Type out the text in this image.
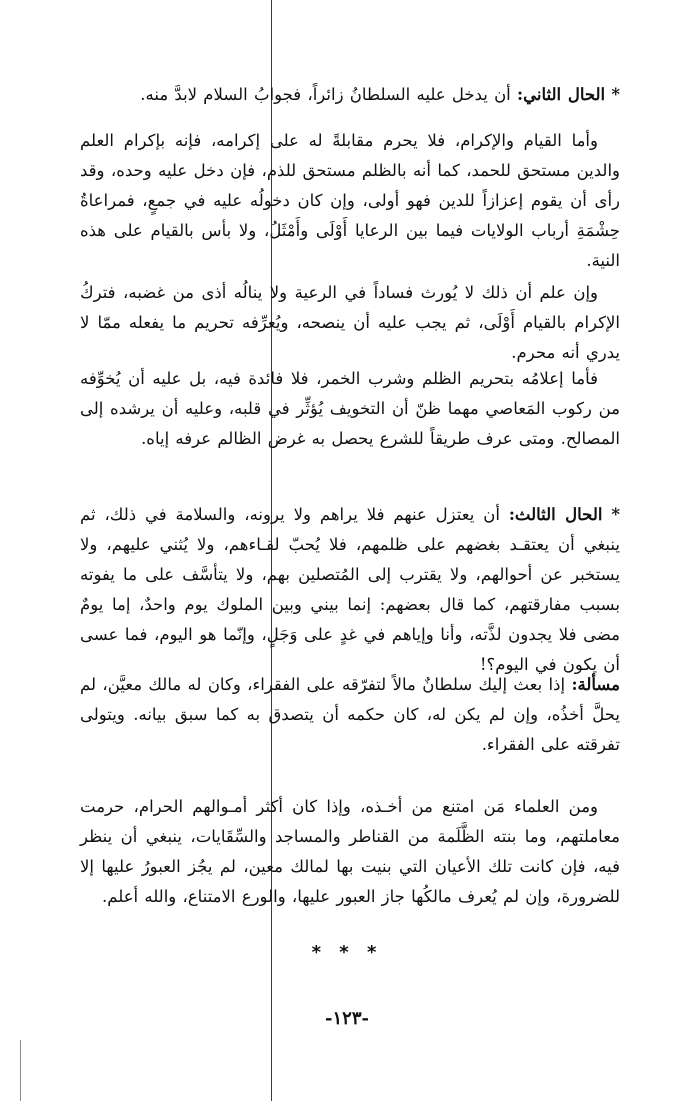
* الحال الثاني: أن يدخل عليه السلطانُ زائراً، فجوابُ السلام لابدَّ منه.

وأما القيام والإكرام، فلا يحرم مقابلةً له على إكرامه، فإنه بإكرام العلم والدين مستحق للحمد، كما أنه بالظلم مستحق للذم، فإن دخل عليه وحده، وقد رأى أن يقوم إعزازاً للدين فهو أولى، وإن كان دخولُه عليه في جمعٍ، فمراعاةُ حِشْمَةِ أرباب الولايات فيما بين الرعايا أَوْلَى وأَمْثَلُ، ولا بأس بالقيام على هذه النية.

وإن علم أن ذلك لا يُورث فساداً في الرعية ولا ينالُه أذى من غضبه، فتركُ الإكرام بالقيام أَوْلَى، ثم يجب عليه أن ينصحه، ويُعرِّفه تحريم ما يفعله ممّا لا يدري أنه محرم.

فأما إعلامُه بتحريم الظلم وشرب الخمر، فلا فائدة فيه، بل عليه أن يُخوِّفه من ركوب المَعاصي مهما ظنّ أن التخويف يُؤثِّر في قلبه، وعليه أن يرشده إلى المصالح. ومتى عرف طريقاً للشرع يحصل به غرض الظالم عرفه إياه.

* الحال الثالث: أن يعتزل عنهم فلا يراهم ولا يرونه، والسلامة في ذلك، ثم ينبغي أن يعتقـد بغضهم على ظلمهم، فلا يُحبّ لقـاءهم، ولا يُثني عليهم، ولا يستخبر عن أحوالهم، ولا يقترب إلى المُتصلين بهم، ولا يتأسَّف على ما يفوته بسبب مفارقتهم، كما قال بعضهم: إنما بيني وبين الملوك يوم واحدٌ، إما يومٌ مضى فلا يجدون لذَّته، وأنا وإياهم في غدٍ على وَجَلٍ، وإنّما هو اليوم، فما عسى أن يكون في اليوم؟!

مسألة: إذا بعث إليك سلطانٌ مالاً لتفرّقه على الفقراء، وكان له مالك معيَّن، لم يحلَّ أخذُه، وإن لم يكن له، كان حكمه أن يتصدق به كما سبق بيانه. ويتولى تفرقته على الفقراء.

ومن العلماء مَن امتنع من أخـذه، وإذا كان أكثر أمـوالهم الحرام، حرمت معاملتهم، وما بنته الظَّلَمة من القناطر والمساجد والسِّقَايات، ينبغي أن ينظر فيه، فإن كانت تلك الأعيان التي بنيت بها لمالك معين، لم يجُز العبورُ عليها إلا للضرورة، وإن لم يُعرف مالكُها جاز العبور عليها، والورع الامتناع، والله أعلم.

* * *
-١٢٣-
